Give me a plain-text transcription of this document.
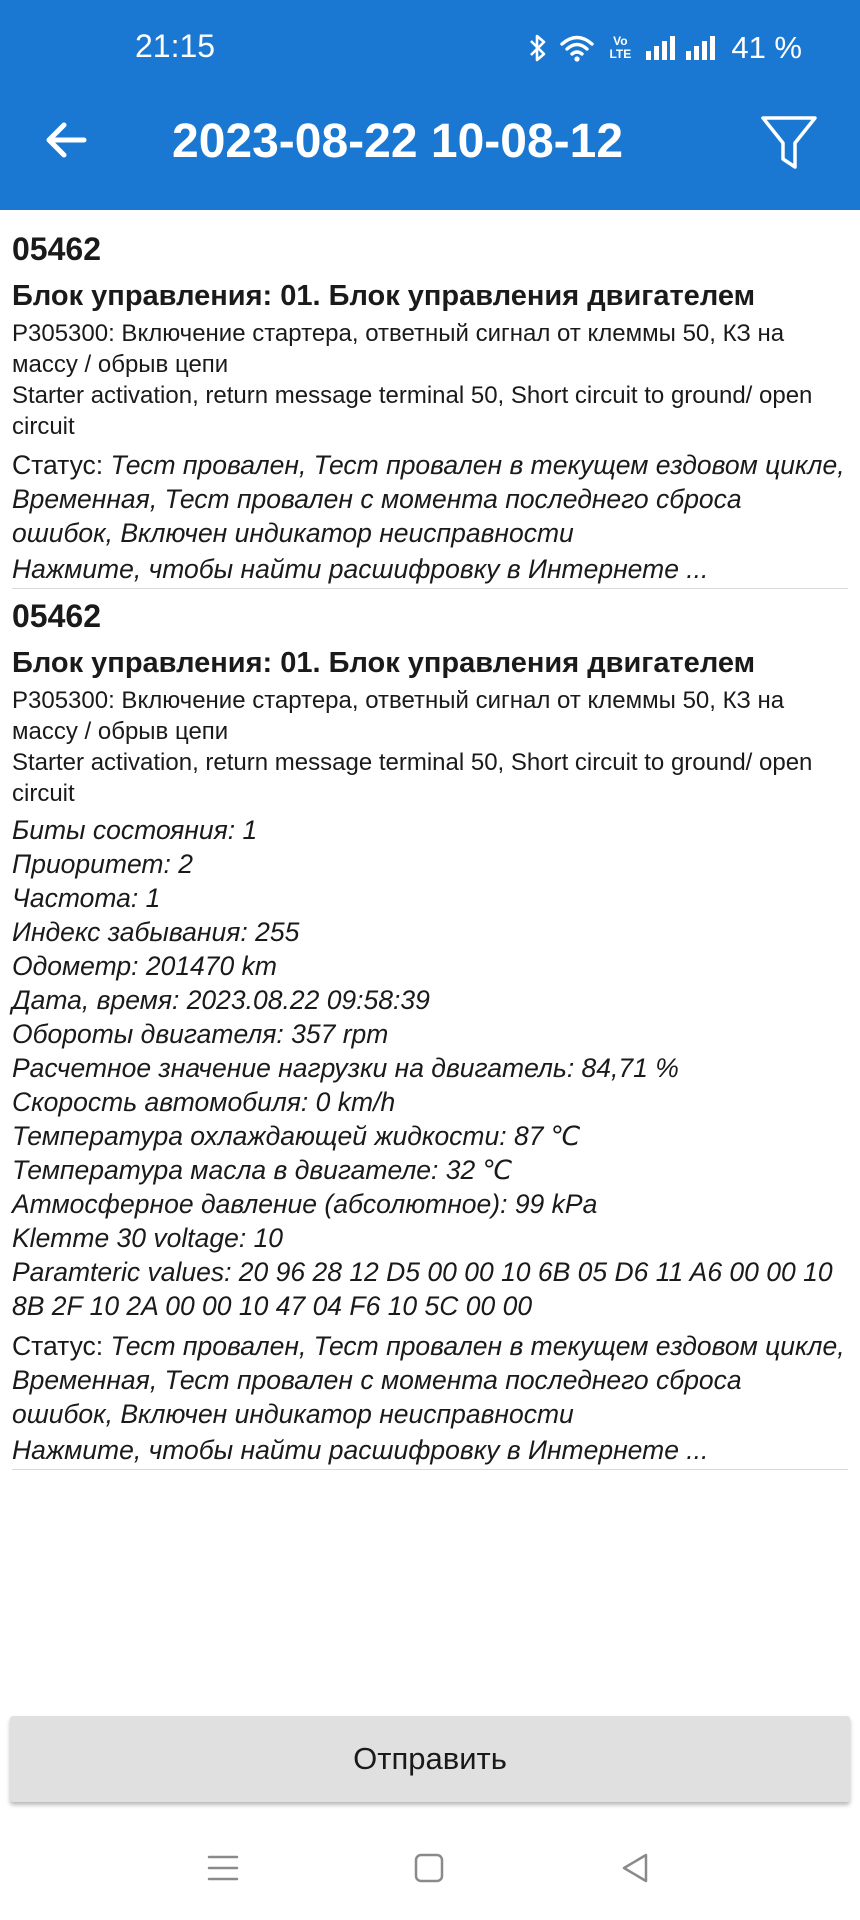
21:15	Vo
LTE	41 %
2023-08-22 10-08-12
05462
Блок управления: 01. Блок управления двигателем
P305300: Включение стартера, ответный сигнал от клеммы 50, КЗ на массу / обрыв цепи
Starter activation, return message terminal 50, Short circuit to ground/ open circuit
Статус: Тест провален, Тест провален в текущем ездовом цикле, Временная, Тест провален с момента последнего сброса ошибок, Включен индикатор неисправности
Нажмите, чтобы найти расшифровку в Интернете ...
05462
Блок управления: 01. Блок управления двигателем
P305300: Включение стартера, ответный сигнал от клеммы 50, КЗ на массу / обрыв цепи
Starter activation, return message terminal 50, Short circuit to ground/ open circuit
Биты состояния: 1
Приоритет: 2
Частота: 1
Индекс забывания: 255
Одометр: 201470 km
Дата, время: 2023.08.22 09:58:39
Обороты двигателя: 357 rpm
Расчетное значение нагрузки на двигатель: 84,71 %
Скорость автомобиля: 0 km/h
Температура охлаждающей жидкости: 87 ℃
Температура масла в двигателе: 32 ℃
Атмосферное давление (абсолютное): 99 kPa
Klemme 30 voltage: 10
Paramteric values: 20 96 28 12 D5 00 00 10 6B 05 D6 11 A6 00 00 10 8B 2F 10 2A 00 00 10 47 04 F6 10 5C 00 00
Статус: Тест провален, Тест провален в текущем ездовом цикле, Временная, Тест провален с момента последнего сброса ошибок, Включен индикатор неисправности
Нажмите, чтобы найти расшифровку в Интернете ...
Отправить
